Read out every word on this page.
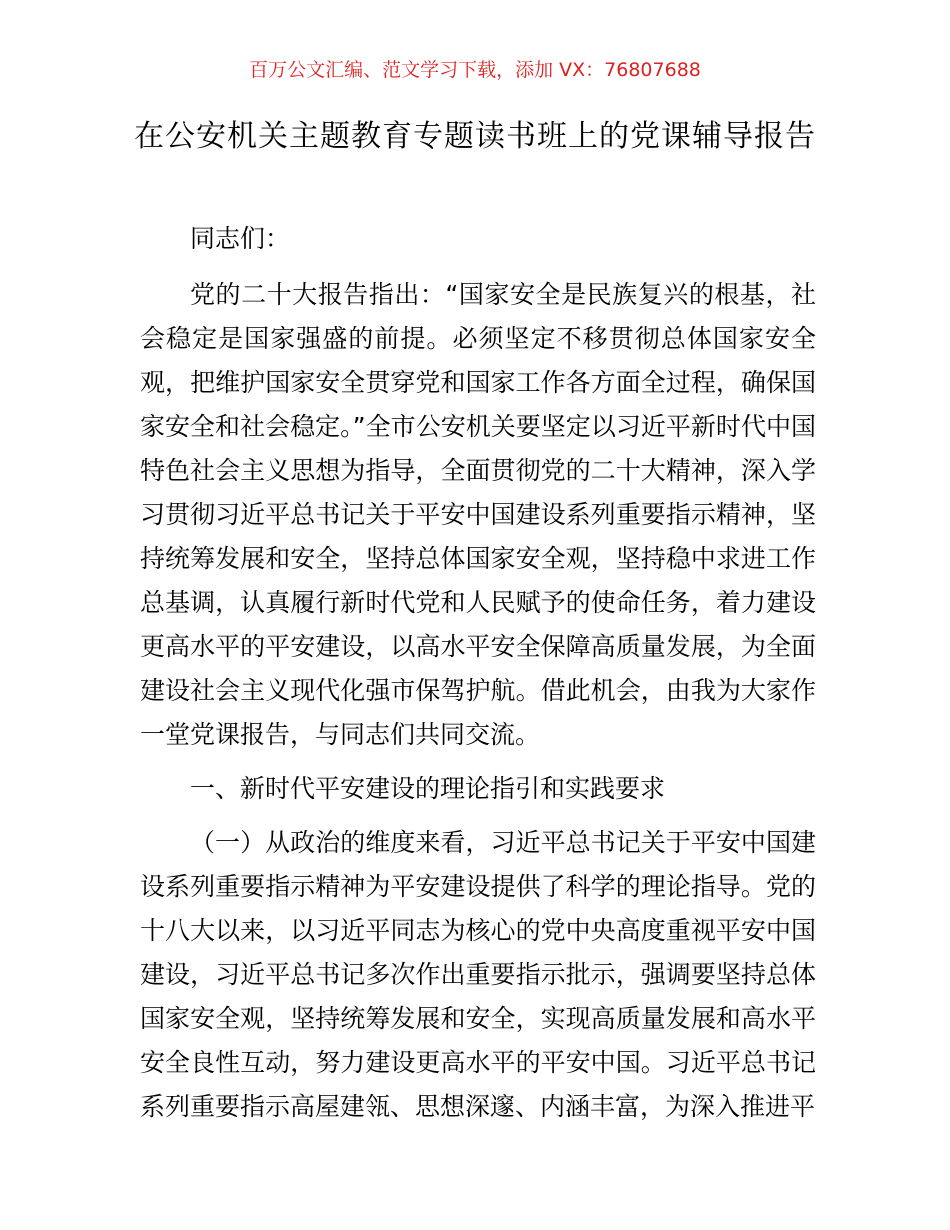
百万公文汇编、范文学习下载，添加 VX：76807688
在公安机关主题教育专题读书班上的党课辅导报告

同志们：

党的二十大报告指出：“国家安全是民族复兴的根基，社会稳定是国家强盛的前提。必须坚定不移贯彻总体国家安全观，把维护国家安全贯穿党和国家工作各方面全过程，确保国家安全和社会稳定。”全市公安机关要坚定以习近平新时代中国特色社会主义思想为指导，全面贯彻党的二十大精神，深入学习贯彻习近平总书记关于平安中国建设系列重要指示精神，坚持统筹发展和安全，坚持总体国家安全观，坚持稳中求进工作总基调，认真履行新时代党和人民赋予的使命任务，着力建设更高水平的平安建设，以高水平安全保障高质量发展，为全面建设社会主义现代化强市保驾护航。借此机会，由我为大家作一堂党课报告，与同志们共同交流。

一、新时代平安建设的理论指引和实践要求

（一）从政治的维度来看，习近平总书记关于平安中国建设系列重要指示精神为平安建设提供了科学的理论指导。党的十八大以来，以习近平同志为核心的党中央高度重视平安中国建设，习近平总书记多次作出重要指示批示，强调要坚持总体国家安全观，坚持统筹发展和安全，实现高质量发展和高水平安全良性互动，努力建设更高水平的平安中国。习近平总书记系列重要指示高屋建瓴、思想深邃、内涵丰富，为深入推进平
